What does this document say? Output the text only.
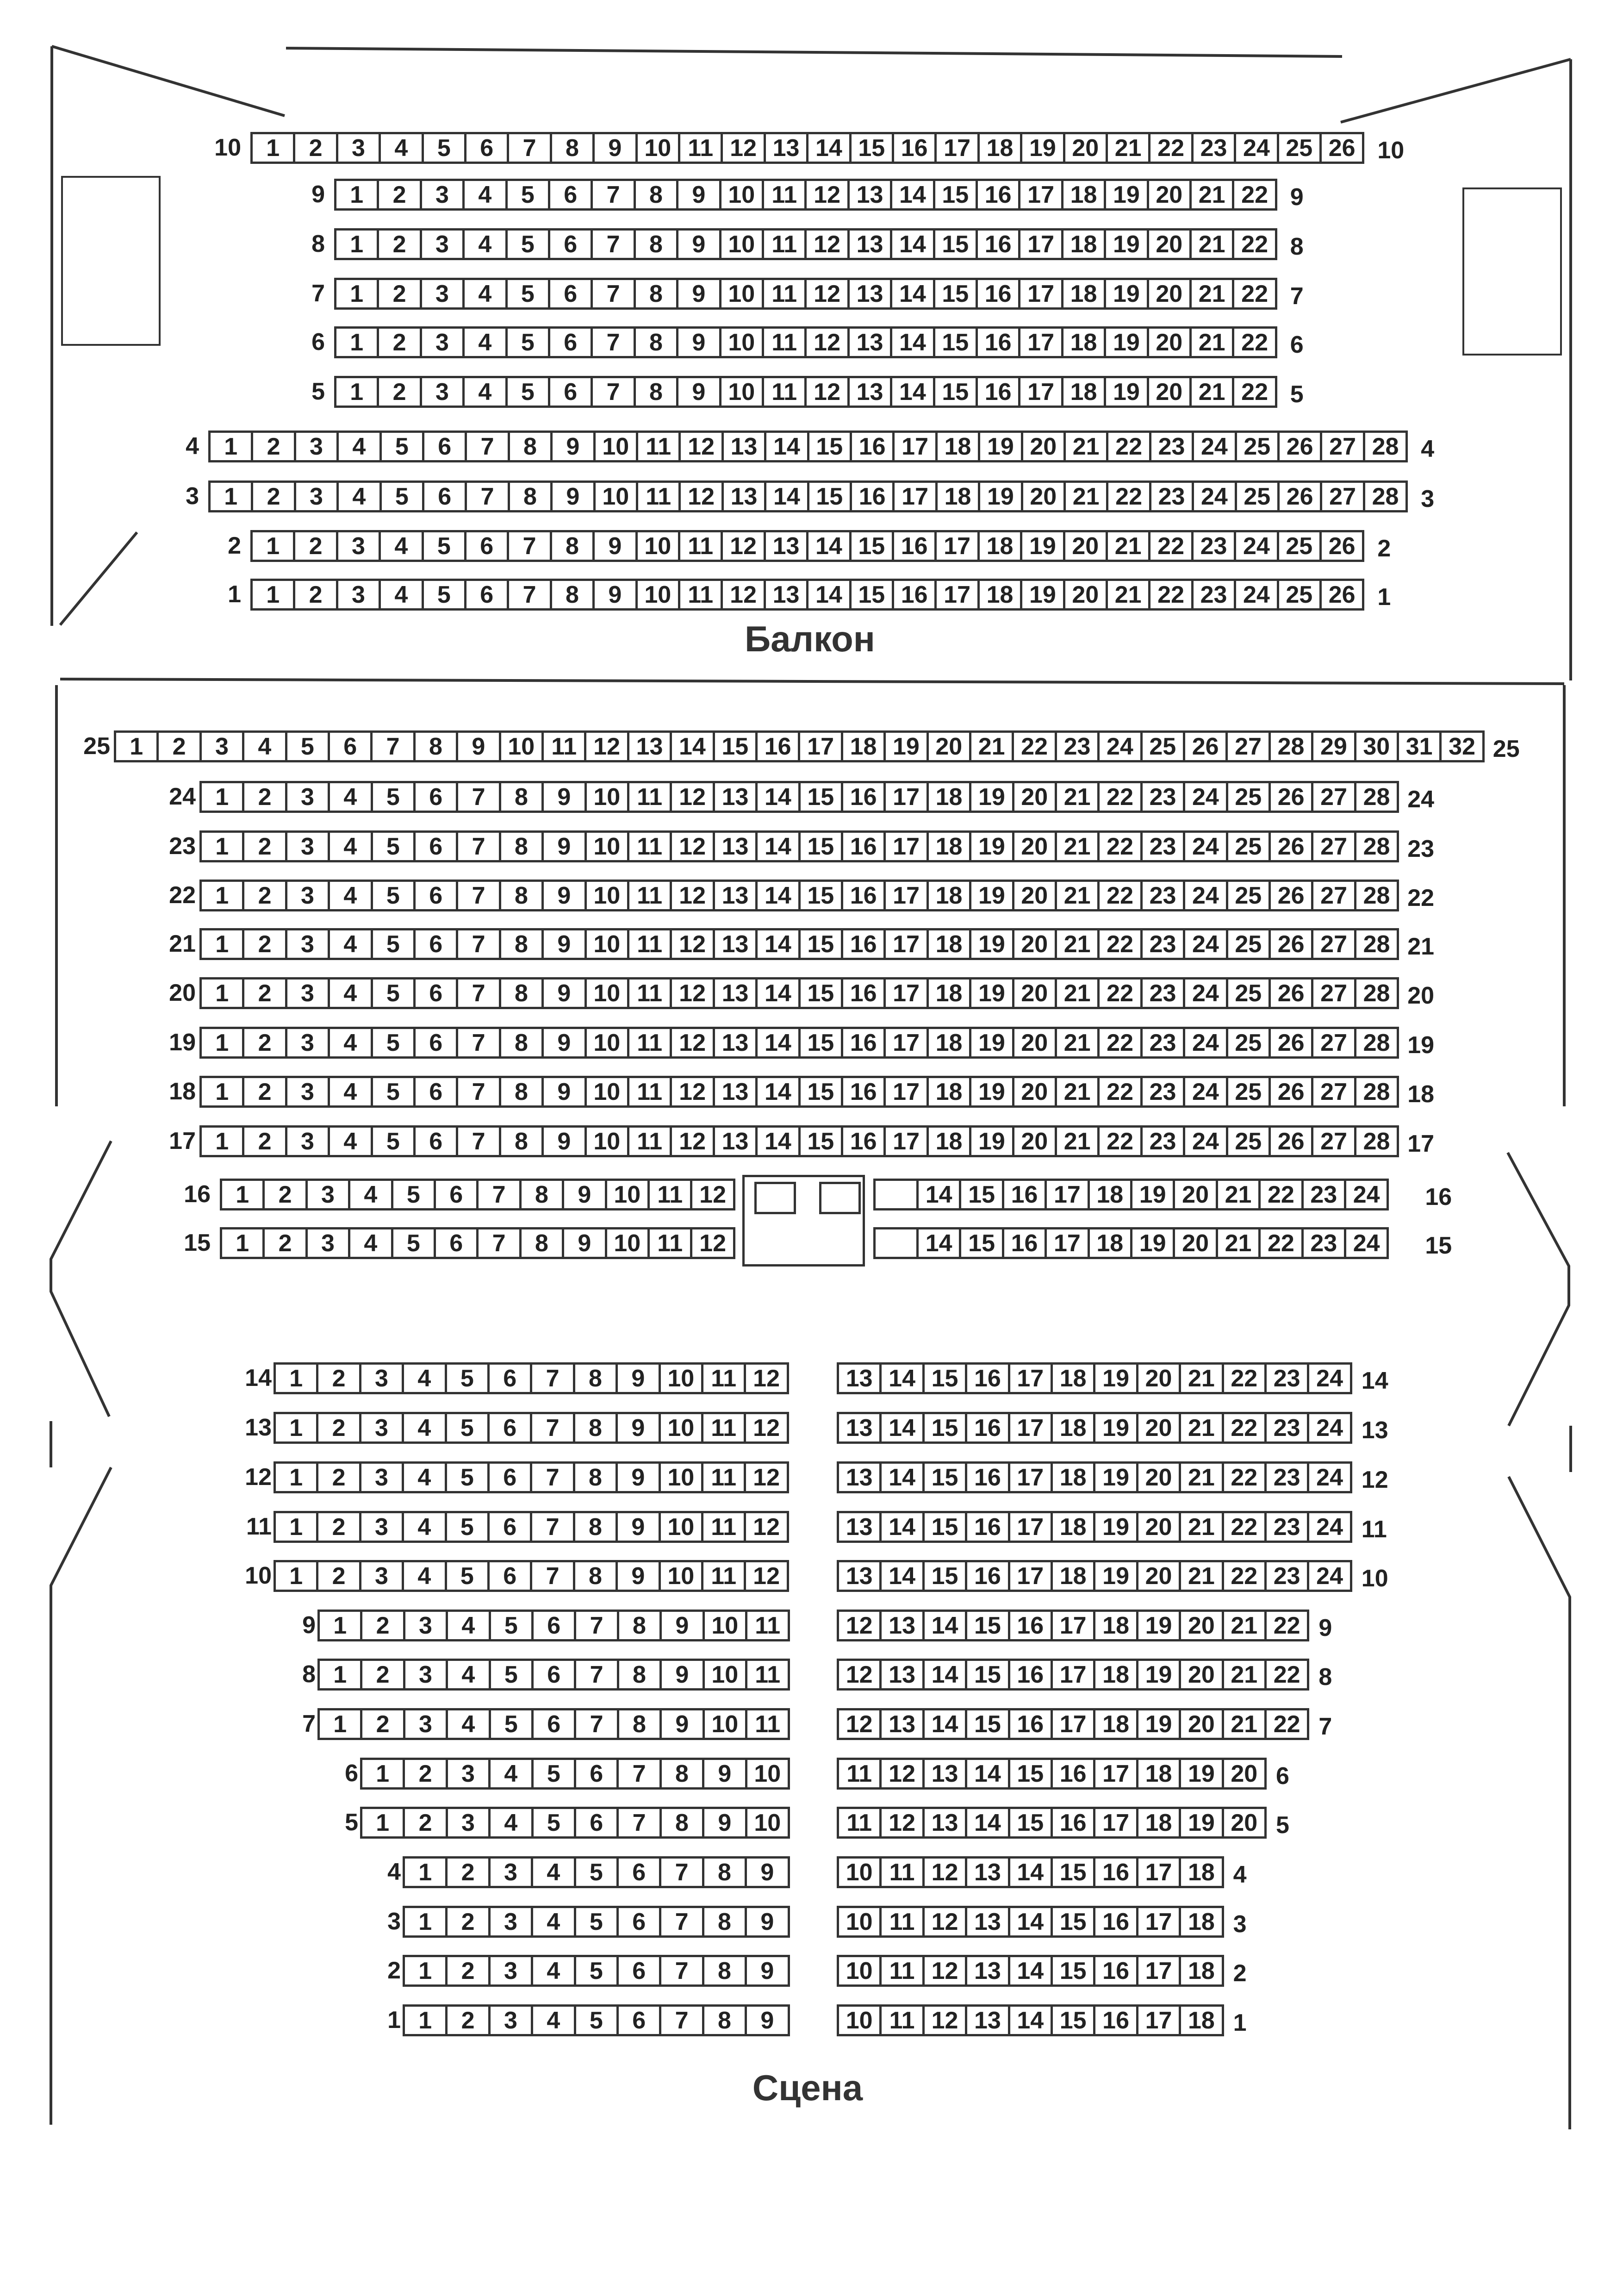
10	1	2	3	4	5	6	7	8	9 10 11 12 13 14 15 16 17 18 19 20 21 22 23 24 25 26 10
9	1	2	3	4	5	6	7	8	9 10 11 12 13 14 15 16 17 18 19 20 21 22 9
8	1	2	3	4	5	6	7	8	9 10 11 12 13 14 15 16 17 18 19 20 21 22 8
7	1	2	3	4	5	6	7	8	9 10 11 12 13 14 15 16 17 18 19 20 21 22 7
6	1	2	3	4	5	6	7	8	9 10 11 12 13 14 15 16 17 18 19 20 21 22 6
5	1	2	3	4	5	6	7	8	9 10 11 12 13 14 15 16 17 18 19 20 21 22 5
4	1	2	3	4	5	6	7	8	9 10 11 12 13 14 15 16 17 18 19 20 21 22 23 24 25 26 27 28 4
3	1	2	3	4	5	6	7	8	9 10 11 12 13 14 15 16 17 18 19 20 21 22 23 24 25 26 27 28 3
2	1	2	3	4	5	6	7	8	9 10 11 12 13 14 15 16 17 18 19 20 21 22 23 24 25 26 2
1	1	2	3	4	5	6	7	8	9 10 11 12 13 14 15 16 17 18 19 20 21 22 23 24 25 26 1
25 1	2	3	4	5	6	7	8	9 10 11 12 13 14 15 16 17 18 19 20 21 22 23 24 25 26 27 28 29 30 31 32 25
24 1	2	3	4	5	6	7	8	9 10 11 12 13 14 15 16 17 18 19 20 21 22 23 24 25 26 27 28 24
23 1	2	3	4	5	6	7	8	9 10 11 12 13 14 15 16 17 18 19 20 21 22 23 24 25 26 27 28 23
22 1	2	3	4	5	6	7	8	9 10 11 12 13 14 15 16 17 18 19 20 21 22 23 24 25 26 27 28 22
21 1	2	3	4	5	6	7	8	9 10 11 12 13 14 15 16 17 18 19 20 21 22 23 24 25 26 27 28 21
20 1	2	3	4	5	6	7	8	9 10 11 12 13 14 15 16 17 18 19 20 21 22 23 24 25 26 27 28 20
19 1	2	3	4	5	6	7	8	9 10 11 12 13 14 15 16 17 18 19 20 21 22 23 24 25 26 27 28 19
18 1	2	3	4	5	6	7	8	9 10 11 12 13 14 15 16 17 18 19 20 21 22 23 24 25 26 27 28 18
17 1	2	3	4	5	6	7	8	9 10 11 12 13 14 15 16 17 18 19 20 21 22 23 24 25 26 27 28 17
16	1	2	3	4	5	6	7	8	9 10 11 12	14 15 16 17 18 19 20 21 22 23 24	16
15	1	2	3	4	5	6	7	8	9 10 11 12	14 15 16 17 18 19 20 21 22 23 24	15
14 1	2	3	4	5	6	7	8	9 10 11 12	13 14 15 16 17 18 19 20 21 22 23 24 14
13 1	2	3	4	5	6	7	8	9 10 11 12	13 14 15 16 17 18 19 20 21 22 23 24 13
12 1	2	3	4	5	6	7	8	9 10 11 12	13 14 15 16 17 18 19 20 21 22 23 24 12
11 1	2	3	4	5	6	7	8	9 10 11 12	13 14 15 16 17 18 19 20 21 22 23 24 11
10 1	2	3	4	5	6	7	8	9 10 11 12	13 14 15 16 17 18 19 20 21 22 23 24 10
9 1	2	3	4	5	6	7	8	9 10 11	12 13 14 15 16 17 18 19 20 21 22 9
8 1	2	3	4	5	6	7	8	9 10 11	12 13 14 15 16 17 18 19 20 21 22 8
7 1	2	3	4	5	6	7	8	9 10 11	12 13 14 15 16 17 18 19 20 21 22 7
6 1	2	3	4	5	6	7	8	9 10	11 12 13 14 15 16 17 18 19 20 6
5 1	2	3	4	5	6	7	8	9 10	11 12 13 14 15 16 17 18 19 20 5
4 1	2	3	4	5	6	7	8	9	10 11 12 13 14 15 16 17 18 4
3 1	2	3	4	5	6	7	8	9	10 11 12 13 14 15 16 17 18 3
2 1	2	3	4	5	6	7	8	9	10 11 12 13 14 15 16 17 18 2
1 1	2	3	4	5	6	7	8	9	10 11 12 13 14 15 16 17 18 1
Балкон
Сцена
